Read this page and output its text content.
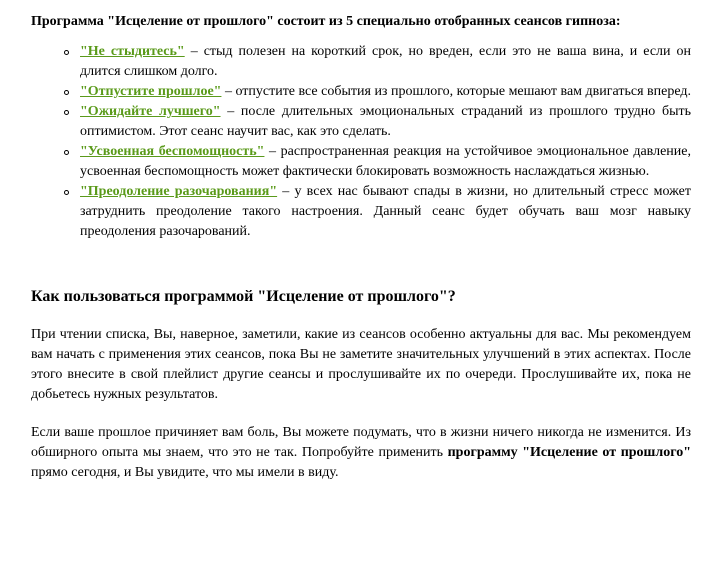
Программа "Исцеление от прошлого" состоит из 5 специально отобранных сеансов гипноза:

"Не стыдитесь" – стыд полезен на короткий срок, но вреден, если это не ваша вина, и если он длится слишком долго.
"Отпустите прошлое" – отпустите все события из прошлого, которые мешают вам двигаться вперед.
"Ожидайте лучшего" – после длительных эмоциональных страданий из прошлого трудно быть оптимистом. Этот сеанс научит вас, как это сделать.
"Усвоенная беспомощность" – распространенная реакция на устойчивое эмоциональное давление, усвоенная беспомощность может фактически блокировать возможность наслаждаться жизнью.
"Преодоление разочарования" – у всех нас бывают спады в жизни, но длительный стресс может затруднить преодоление такого настроения. Данный сеанс будет обучать ваш мозг навыку преодоления разочарований.
Как пользоваться программой "Исцеление от прошлого"?

При чтении списка, Вы, наверное, заметили, какие из сеансов особенно актуальны для вас. Мы рекомендуем вам начать с применения этих сеансов, пока Вы не заметите значительных улучшений в этих аспектах. После этого внесите в свой плейлист другие сеансы и прослушивайте их по очереди. Прослушивайте их, пока не добьетесь нужных результатов.

Если ваше прошлое причиняет вам боль, Вы можете подумать, что в жизни ничего никогда не изменится. Из обширного опыта мы знаем, что это не так. Попробуйте применить программу "Исцеление от прошлого" прямо сегодня, и Вы увидите, что мы имели в виду.
